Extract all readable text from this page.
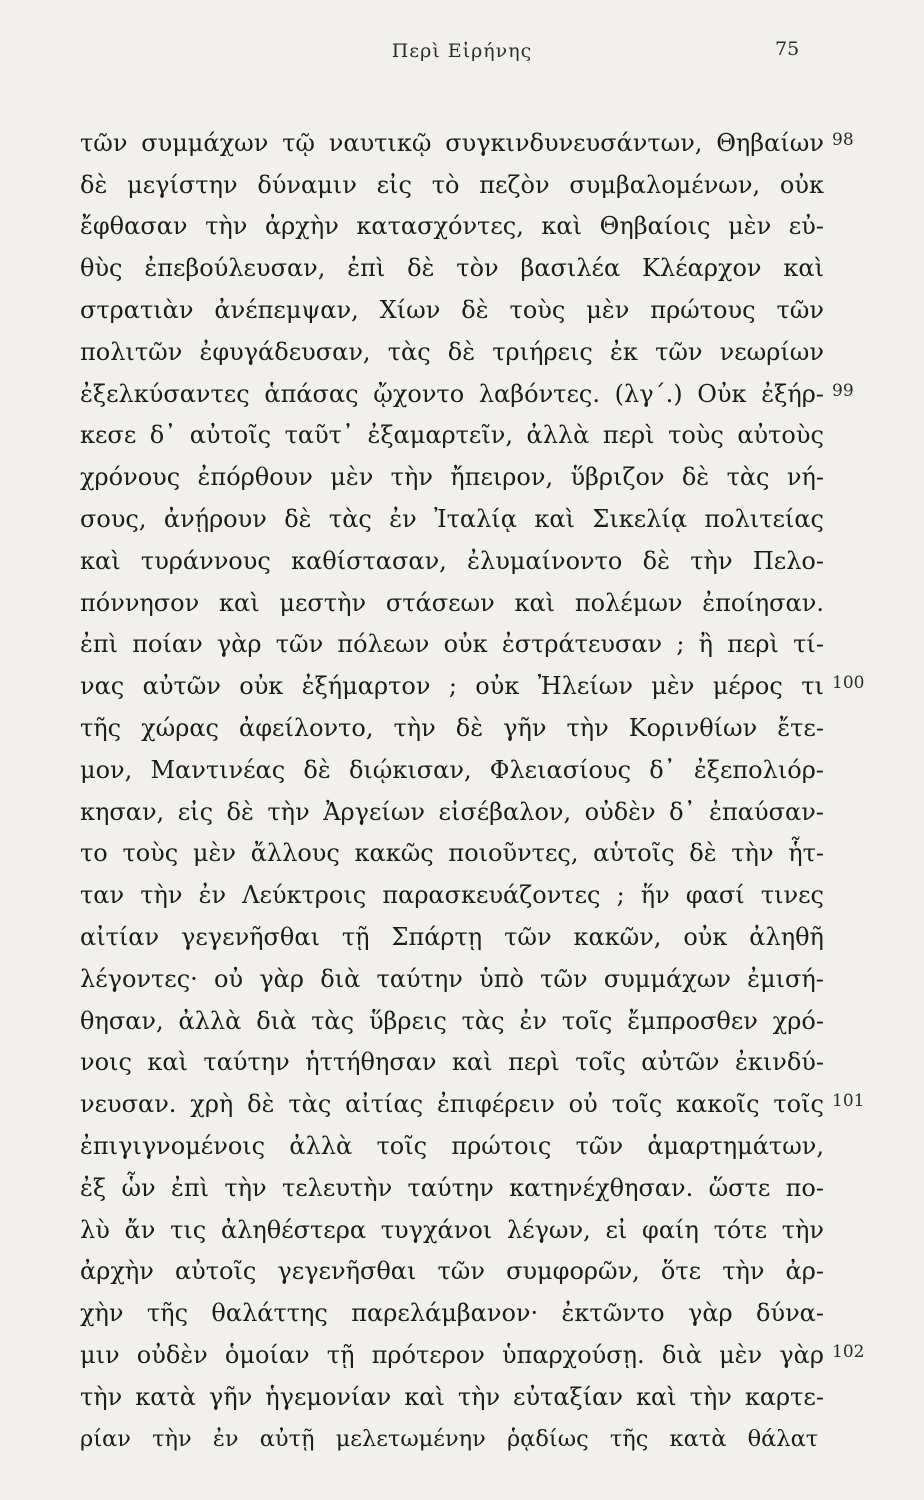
Περὶ Εἰρήνης	75
τῶν συμμάχων τῷ ναυτικῷ συγκινδυνευσάντων, Θηβαίων
δὲ μεγίστην δύναμιν εἰς τὸ πεζὸν συμβαλομένων, οὐκ
ἔφθασαν τὴν ἀρχὴν κατασχόντες, καὶ Θηβαίοις μὲν εὐ-
θὺς ἐπεβούλευσαν, ἐπὶ δὲ τὸν βασιλέα Κλέαρχον καὶ
στρατιὰν ἀνέπεμψαν, Χίων δὲ τοὺς μὲν πρώτους τῶν
πολιτῶν ἐφυγάδευσαν, τὰς δὲ τριήρεις ἐκ τῶν νεωρίων
ἐξελκύσαντες ἁπάσας ᾤχοντο λαβόντες. (λγ΄.) Οὐκ ἐξήρ-
κεσε δ᾽ αὐτοῖς ταῦτ᾽ ἐξαμαρτεῖν, ἀλλὰ περὶ τοὺς αὐτοὺς
χρόνους ἐπόρθουν μὲν τὴν ἤπειρον, ὕβριζον δὲ τὰς νή-
σους, ἀνῄρουν δὲ τὰς ἐν Ἰταλίᾳ καὶ Σικελίᾳ πολιτείας
καὶ τυράννους καθίστασαν, ἐλυμαίνοντο δὲ τὴν Πελο-
πόννησον καὶ μεστὴν στάσεων καὶ πολέμων ἐποίησαν.
ἐπὶ ποίαν γὰρ τῶν πόλεων οὐκ ἐστράτευσαν ; ἢ περὶ τί-
νας αὐτῶν οὐκ ἐξήμαρτον ; οὐκ Ἠλείων μὲν μέρος τι
τῆς χώρας ἀφείλοντο, τὴν δὲ γῆν τὴν Κορινθίων ἔτε-
μον, Μαντινέας δὲ διῴκισαν, Φλειασίους δ᾽ ἐξεπολιόρ-
κησαν, εἰς δὲ τὴν Ἀργείων εἰσέβαλον, οὐδὲν δ᾽ ἐπαύσαν-
το τοὺς μὲν ἄλλους κακῶς ποιοῦντες, αὑτοῖς δὲ τὴν ἧτ-
ταν τὴν ἐν Λεύκτροις παρασκευάζοντες ; ἥν φασί τινες
αἰτίαν γεγενῆσθαι τῇ Σπάρτῃ τῶν κακῶν, οὐκ ἀληθῆ
λέγοντες· οὐ γὰρ διὰ ταύτην ὑπὸ τῶν συμμάχων ἐμισή-
θησαν, ἀλλὰ διὰ τὰς ὕβρεις τὰς ἐν τοῖς ἔμπροσθεν χρό-
νοις καὶ ταύτην ἡττήθησαν καὶ περὶ τοῖς αὐτῶν ἐκινδύ-
νευσαν. χρὴ δὲ τὰς αἰτίας ἐπιφέρειν οὐ τοῖς κακοῖς τοῖς
ἐπιγιγνομένοις ἀλλὰ τοῖς πρώτοις τῶν ἁμαρτημάτων,
ἐξ ὧν ἐπὶ τὴν τελευτὴν ταύτην κατηνέχθησαν. ὥστε πο-
λὺ ἄν τις ἀληθέστερα τυγχάνοι λέγων, εἰ φαίη τότε τὴν
ἀρχὴν αὐτοῖς γεγενῆσθαι τῶν συμφορῶν, ὅτε τὴν ἀρ-
χὴν τῆς θαλάττης παρελάμβανον· ἐκτῶντο γὰρ δύνα-
μιν οὐδὲν ὁμοίαν τῇ πρότερον ὑπαρχούσῃ. διὰ μὲν γὰρ
τὴν κατὰ γῆν ἡγεμονίαν καὶ τὴν εὐταξίαν καὶ τὴν καρτε-
ρίαν τὴν ἐν αὐτῇ μελετωμένην ῥᾳδίως τῆς κατὰ θάλατ
98
99
100
101
102
